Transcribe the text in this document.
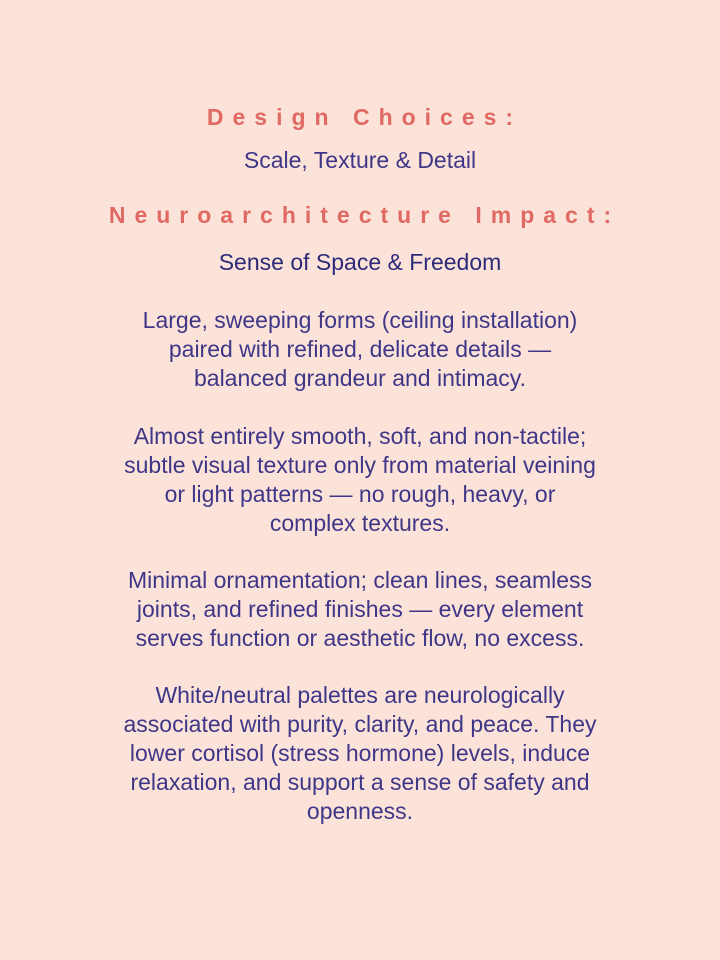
Design Choices:
Scale, Texture & Detail
Neuroarchitecture Impact:
Sense of Space & Freedom
Large, sweeping forms (ceiling installation)
paired with refined, delicate details —
balanced grandeur and intimacy.
Almost entirely smooth, soft, and non-tactile;
subtle visual texture only from material veining
or light patterns — no rough, heavy, or
complex textures.
Minimal ornamentation; clean lines, seamless
joints, and refined finishes — every element
serves function or aesthetic flow, no excess.
White/neutral palettes are neurologically
associated with purity, clarity, and peace. They
lower cortisol (stress hormone) levels, induce
relaxation, and support a sense of safety and
openness.
